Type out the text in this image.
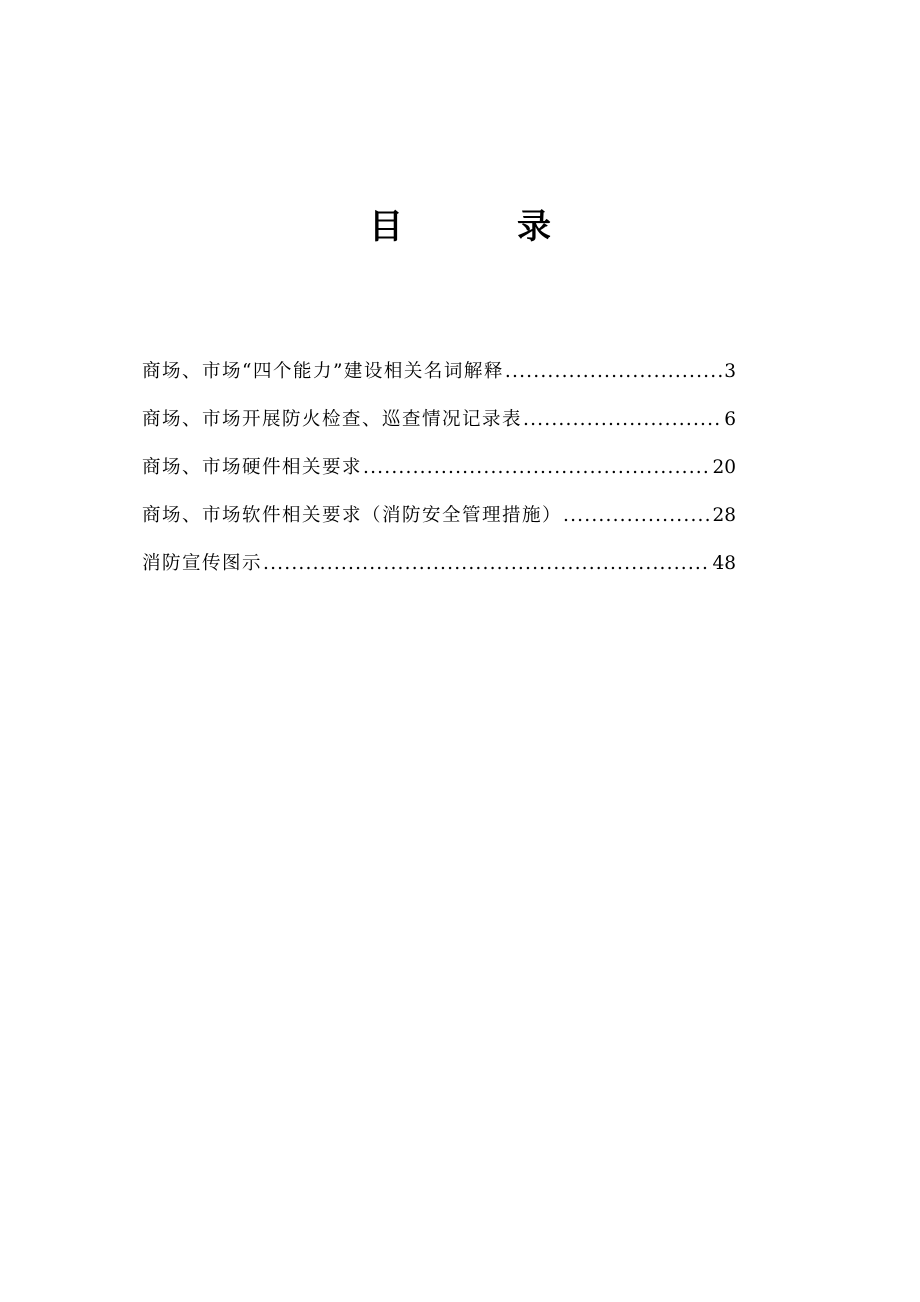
目　录
商场、市场“四个能力”建设相关名词解释 .....	3
商场、市场开展防火检查、巡查情况记录表 .....	6
商场、市场硬件相关要求 .....	20
商场、市场软件相关要求（消防安全管理措施） .....	28
消防宣传图示 .....	48
